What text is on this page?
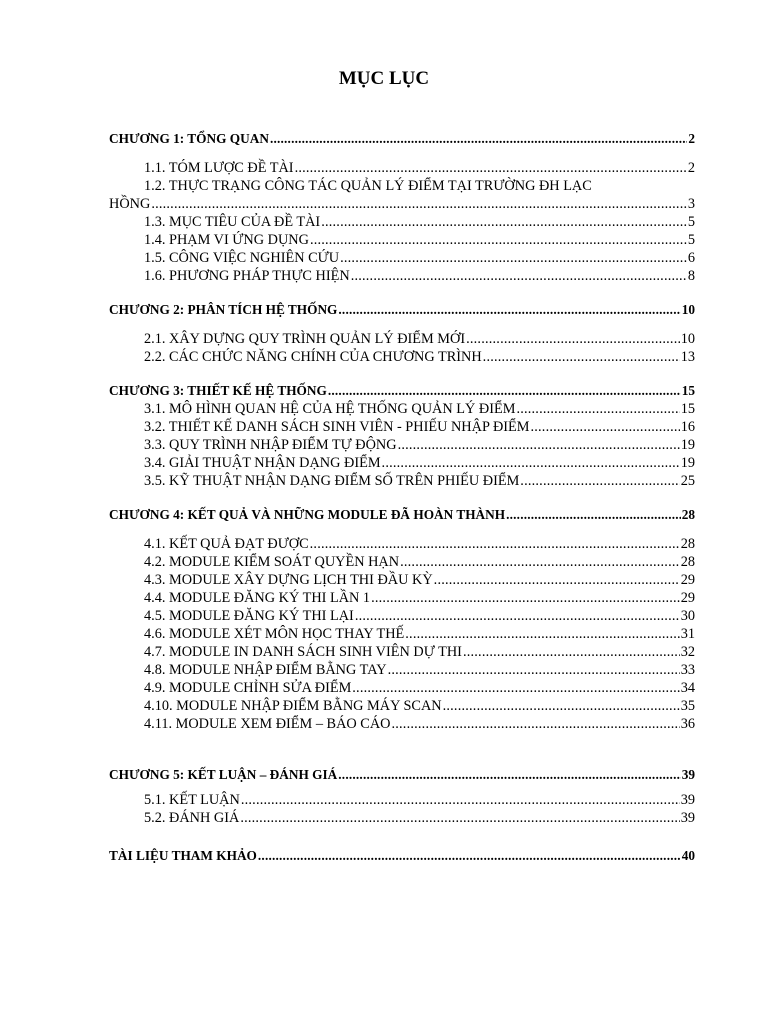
MỤC LỤC
CHƯƠNG 1: TỔNG QUAN .....	2
1.1. TÓM LƯỢC ĐỀ TÀI .....	2
1.2. THỰC TRẠNG CÔNG TÁC QUẢN LÝ ĐIỂM TẠI TRƯỜNG ĐH LẠC
HỒNG .....	3
1.3. MỤC TIÊU CỦA ĐỀ TÀI .....	5
1.4. PHẠM VI ỨNG DỤNG .....	5
1.5. CÔNG VIỆC NGHIÊN CỨU .....	6
1.6. PHƯƠNG PHÁP THỰC HIỆN .....	8
CHƯƠNG 2: PHÂN TÍCH HỆ THỐNG .....	10
2.1. XÂY DỰNG QUY TRÌNH QUẢN LÝ ĐIỂM MỚI .....	10
2.2. CÁC CHỨC NĂNG CHÍNH CỦA CHƯƠNG TRÌNH .....	13
CHƯƠNG 3: THIẾT KẾ HỆ THỐNG .....	15
3.1. MÔ HÌNH QUAN HỆ CỦA HỆ THỐNG QUẢN LÝ ĐIỂM .....	15
3.2. THIẾT KẾ DANH SÁCH SINH VIÊN - PHIẾU NHẬP ĐIỂM .....	16
3.3. QUY TRÌNH NHẬP ĐIỂM TỰ ĐỘNG .....	19
3.4. GIẢI THUẬT NHẬN DẠNG ĐIỂM .....	19
3.5. KỸ THUẬT NHẬN DẠNG ĐIỂM SỐ TRÊN PHIẾU ĐIỂM .....	25
CHƯƠNG 4: KẾT QUẢ VÀ NHỮNG MODULE ĐÃ HOÀN THÀNH .....	28
4.1. KẾT QUẢ ĐẠT ĐƯỢC .....	28
4.2. MODULE KIỂM SOÁT QUYỀN HẠN .....	28
4.3. MODULE XÂY DỰNG LỊCH THI ĐẦU KỲ .....	29
4.4. MODULE ĐĂNG KÝ THI LẦN 1 .....	29
4.5. MODULE ĐĂNG KÝ THI LẠI .....	30
4.6. MODULE XÉT MÔN HỌC THAY THẾ .....	31
4.7. MODULE IN DANH SÁCH SINH VIÊN DỰ THI .....	32
4.8. MODULE NHẬP ĐIỂM BẰNG TAY .....	33
4.9. MODULE CHỈNH SỬA ĐIỂM .....	34
4.10. MODULE NHẬP ĐIỂM BẰNG MÁY SCAN .....	35
4.11. MODULE XEM ĐIỂM – BÁO CÁO .....	36
CHƯƠNG 5: KẾT LUẬN – ĐÁNH GIÁ .....	39
5.1. KẾT LUẬN .....	39
5.2. ĐÁNH GIÁ .....	39
TÀI LIỆU THAM KHẢO .....	40
